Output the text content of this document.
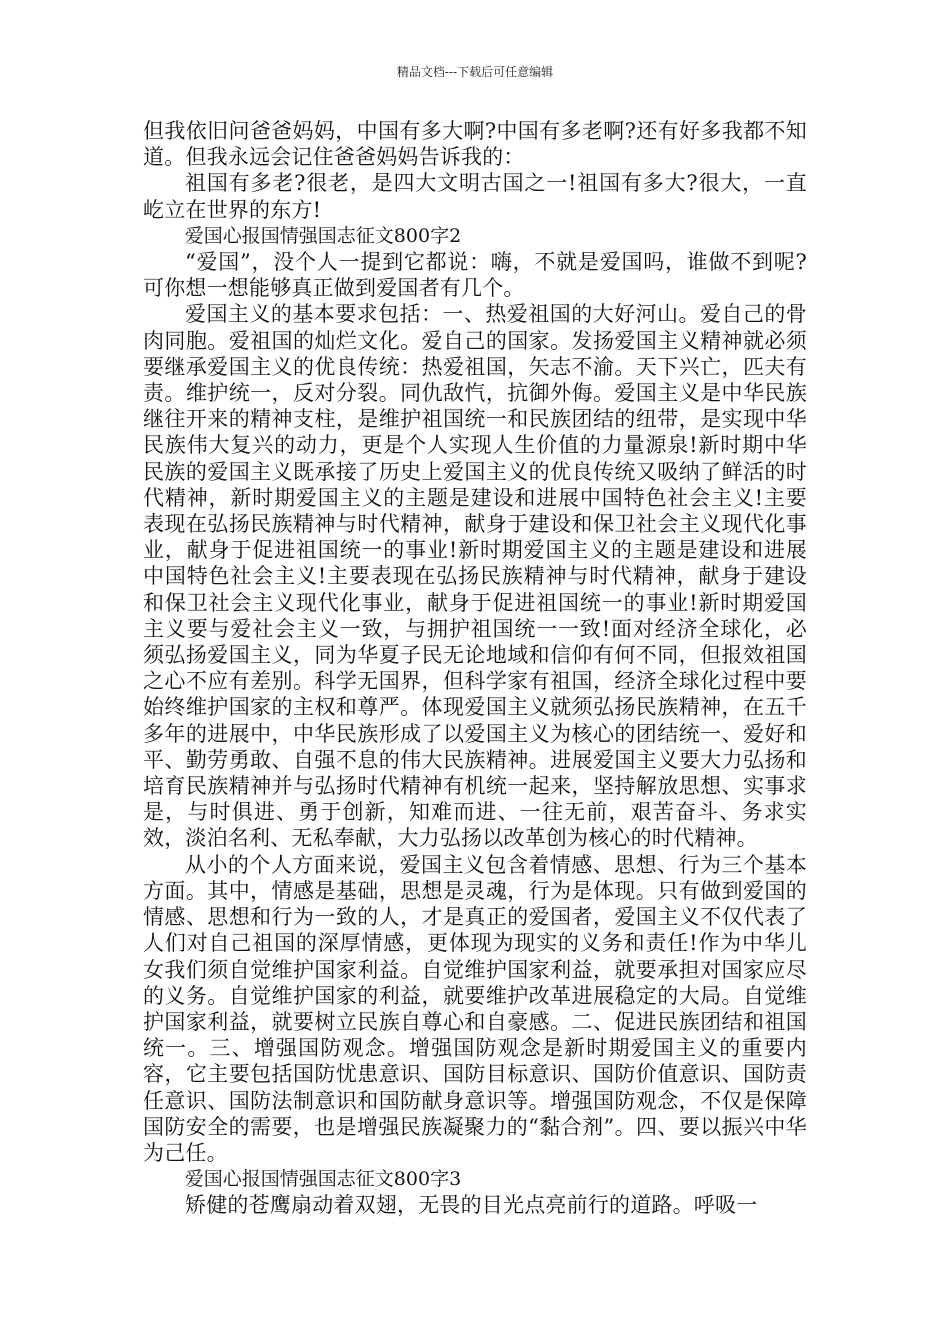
精品文档---下载后可任意编辑

但我依旧问爸爸妈妈，中国有多大啊?中国有多老啊?还有好多我都不知道。但我永远会记住爸爸妈妈告诉我的：

祖国有多老?很老，是四大文明古国之一!祖国有多大?很大，一直屹立在世界的东方!

爱国心报国情强国志征文800字2

“爱国”，没个人一提到它都说：嗨，不就是爱国吗，谁做不到呢?可你想一想能够真正做到爱国者有几个。

爱国主义的基本要求包括：一、热爱祖国的大好河山。爱自己的骨肉同胞。爱祖国的灿烂文化。爱自己的国家。发扬爱国主义精神就必须要继承爱国主义的优良传统：热爱祖国，矢志不渝。天下兴亡，匹夫有责。维护统一，反对分裂。同仇敌忾，抗御外侮。爱国主义是中华民族继往开来的精神支柱，是维护祖国统一和民族团结的纽带，是实现中华民族伟大复兴的动力，更是个人实现人生价值的力量源泉!新时期中华民族的爱国主义既承接了历史上爱国主义的优良传统又吸纳了鲜活的时代精神，新时期爱国主义的主题是建设和进展中国特色社会主义!主要表现在弘扬民族精神与时代精神，献身于建设和保卫社会主义现代化事业，献身于促进祖国统一的事业!新时期爱国主义的主题是建设和进展中国特色社会主义!主要表现在弘扬民族精神与时代精神，献身于建设和保卫社会主义现代化事业，献身于促进祖国统一的事业!新时期爱国主义要与爱社会主义一致，与拥护祖国统一一致!面对经济全球化，必须弘扬爱国主义，同为华夏子民无论地域和信仰有何不同，但报效祖国之心不应有差别。科学无国界，但科学家有祖国，经济全球化过程中要始终维护国家的主权和尊严。体现爱国主义就须弘扬民族精神，在五千多年的进展中，中华民族形成了以爱国主义为核心的团结统一、爱好和平、勤劳勇敢、自强不息的伟大民族精神。进展爱国主义要大力弘扬和培育民族精神并与弘扬时代精神有机统一起来，坚持解放思想、实事求是，与时俱进、勇于创新，知难而进、一往无前，艰苦奋斗、务求实效，淡泊名利、无私奉献，大力弘扬以改革创为核心的时代精神。

从小的个人方面来说，爱国主义包含着情感、思想、行为三个基本方面。其中，情感是基础，思想是灵魂，行为是体现。只有做到爱国的情感、思想和行为一致的人，才是真正的爱国者，爱国主义不仅代表了人们对自己祖国的深厚情感，更体现为现实的义务和责任!作为中华儿女我们须自觉维护国家利益。自觉维护国家利益，就要承担对国家应尽的义务。自觉维护国家的利益，就要维护改革进展稳定的大局。自觉维护国家利益，就要树立民族自尊心和自豪感。二、促进民族团结和祖国统一。三、增强国防观念。增强国防观念是新时期爱国主义的重要内容，它主要包括国防忧患意识、国防目标意识、国防价值意识、国防责任意识、国防法制意识和国防献身意识等。增强国防观念，不仅是保障国防安全的需要，也是增强民族凝聚力的“黏合剂”。四、要以振兴中华为己任。

爱国心报国情强国志征文800字3

矫健的苍鹰扇动着双翅，无畏的目光点亮前行的道路。呼吸一
